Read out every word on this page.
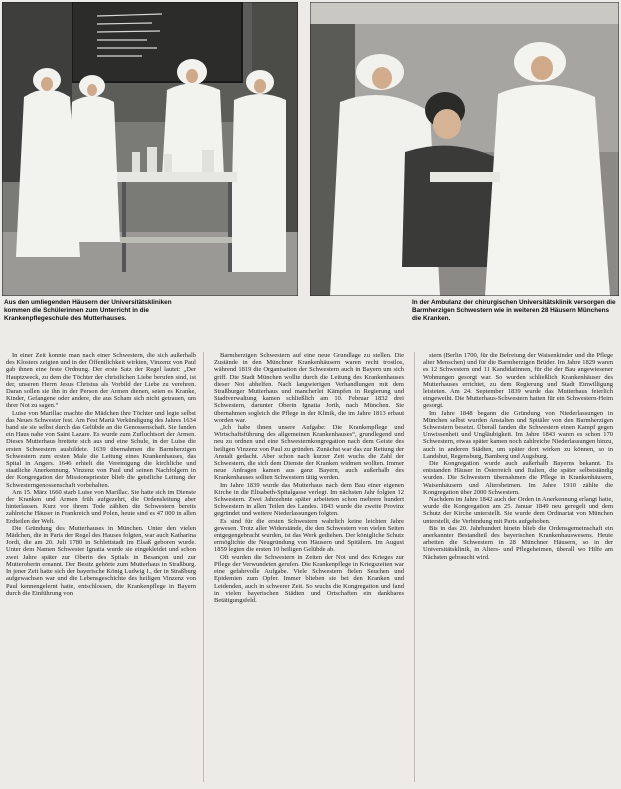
Aus den umliegenden Häusern der Universitätskliniken kommen die Schülerinnen zum Unterricht in die Krankenpflegeschule des Mutterhauses.
In der Ambulanz der chirurgischen Universitätsklinik versorgen die Barmherzigen Schwestern wie in weiteren 28 Häusern Münchens die Kranken.

In einer Zeit konnte man nach einer Schwestern, die sich außerhalb des Klosters zeigten und in der Öffentlichkeit wirkten, Vinzenz von Paul gab ihnen eine feste Ordnung. Der erste Satz der Regel lautet: „Der Hauptzweck, zu dem die Töchter der christlichen Liebe berufen sind, ist der, unseren Herrn Jesus Christus als Vorbild der Liebe zu verehren. Daran sollen sie ihn in der Person der Armen dienen, seien es Kranke, Kinder, Gefangene oder andere, die aus Scham sich nicht getrauen, um ihrer Not zu sagen.“

Luise von Marillac machte die Mädchen ihre Töchter und legte selbst das Neues Schwester fest. Am Fest Mariä Verkündigung des Jahres 1634 band sie sie selbst durch das Gelübde an die Genossenschaft. Sie fanden ein Haus nahe von Saint Lazare. Es wurde zum Zufluchtsort der Armen. Dieses Mutterhaus breitete sich aus und eine Schule, in der Luise die ersten Schwestern ausbildete. 1639 übernahmen die Barmherzigen Schwestern zum ersten Male die Leitung eines Krankenhauses, das Spital in Angers. 1646 erhielt die Vereinigung die kirchliche und staatliche Anerkennung. Vinzenz von Paul und seinen Nachfolgern in der Kongregation der Missionspriester blieb die geistliche Leitung der Schwesterngenossenschaft vorbehalten.

Am 15. März 1660 starb Luise von Marillac. Sie hatte sich im Dienste der Kranken und Armen früh aufgezehrt, die Ordensleitung aber hinterlassen. Kurz vor ihrem Tode zählten die Schwestern bereits zahlreiche Häuser in Frankreich und Polen, heute sind es 47 000 in allen Erdteilen der Welt.

Die Gründung des Mutterhauses in München. Unter den vielen Mädchen, die in Paris der Regel des Hauses folgten, war auch Katharina Jordi, die am 20. Juli 1780 in Schlettstadt im Elsaß geboren wurde. Unter dem Namen Schwester Ignatia wurde sie eingekleidet und schon zwei Jahre später zur Oberin des Spitals in Besançon und zur Mutteroberin ernannt. Der Besitz gehörte zum Mutterhaus in Straßburg. In jener Zeit hatte sich der bayerische König Ludwig I., der in Straßburg aufgewachsen war und die Lebensgeschichte des heiligen Vinzenz von Paul kennengelernt hatte, entschlossen, die Krankenpflege in Bayern durch die Einführung von

Barmherzigen Schwestern auf eine neue Grundlage zu stellen. Die Zustände in den Münchner Krankenhäusern waren recht trostlos, während 1819 die Organisation der Schwestern auch in Bayern um sich griff. Die Stadt München wollte durch die Leitung des Krankenhauses dieser Not abhelfen. Nach langwierigen Verhandlungen mit dem Straßburger Mutterhaus und mancherlei Kämpfen in Regierung und Stadtverwaltung kamen schließlich am 10. Februar 1832 drei Schwestern, darunter Oberin Ignatia Jorth, nach München. Sie übernahmen sogleich die Pflege in der Klinik, die im Jahre 1813 erbaut worden war.

„Ich habe ihnen unsere Aufgabe: Die Krankenpflege und Wirtschaftsführung des allgemeinen Krankenhauses“, grundlegend und neu zu ordnen und eine Schwesternkongregation nach dem Geiste des heiligen Vinzenz von Paul zu gründen. Zunächst war das zur Rettung der Anstalt gedacht. Aber schon nach kurzer Zeit wuchs die Zahl der Schwestern, die sich dem Dienste der Kranken widmen wollten. Immer neue Anfragen kamen aus ganz Bayern, auch außerhalb des Krankenhauses sollten Schwestern tätig werden.

Im Jahre 1839 wurde das Mutterhaus nach dem Bau einer eigenen Kirche in die Elisabeth-Spitalgasse verlegt. Im nächsten Jahr folgten 12 Schwestern. Zwei Jahrzehnte später arbeiteten schon mehrere hundert Schwestern in allen Teilen des Landes. 1843 wurde die zweite Provinz gegründet und weitere Niederlassungen folgten.

Es sind für die ersten Schwestern wahrlich keine leichten Jahre gewesen. Trotz aller Widerstände, die den Schwestern von vielen Seiten entgegengebracht wurden, ist das Werk gediehen. Der königliche Schutz ermöglichte die Neugründung von Häusern und Spitälern. Im August 1859 legten die ersten 10 heiligen Gelübde ab.

Oft wurden die Schwestern in Zeiten der Not und des Krieges zur Pflege der Verwundeten gerufen. Die Krankenpflege in Kriegszeiten war eine gefahrvolle Aufgabe. Viele Schwestern fielen Seuchen und Epidemien zum Opfer. Immer blieben sie bei den Kranken und Leidenden, auch in schwerer Zeit. So wuchs die Kongregation und fand in vielen bayerischen Städten und Ortschaften ein dankbares Betätigungsfeld.

stern (Berlin 1700, für die Befreiung der Waisenkinder und die Pflege alter Menschen) und für die Barmherzigen Brüder. Im Jahre 1829 waren es 12 Schwestern und 11 Kandidatinnen, für die der Bau angewiesener Wohnungen gesorgt war. So wurden schließlich Krankenhäuser des Mutterhauses errichtet, zu dem Regierung und Stadt Einwilligung leisteten. Am 24. September 1839 wurde das Mutterhaus feierlich eingeweiht. Die Mutterhaus-Schwestern hatten für ein Schwestern-Heim gesorgt.

Im Jahre 1848 begann die Gründung von Niederlassungen in München selbst wurden Anstalten und Spitäler von den Barmherzigen Schwestern besetzt. Überall fanden die Schwestern einen Kampf gegen Unwissenheit und Ungläubigkeit. Im Jahre 1843 waren es schon 170 Schwestern, etwas später kamen noch zahlreiche Niederlassungen hinzu, auch in anderen Städten, um später dort wirken zu können, so in Landshut, Regensburg, Bamberg und Augsburg.

Die Kongregation wurde auch außerhalb Bayerns bekannt. Es entstanden Häuser in Österreich und Italien, die später selbstständig wurden. Die Schwestern übernahmen die Pflege in Krankenhäusern, Waisenhäusern und Altersheimen. Im Jahre 1910 zählte die Kongregation über 2000 Schwestern.

Nachdem im Jahre 1842 auch der Orden in Anerkennung erlangt hatte, wurde die Kongregation am 25. Januar 1849 neu geregelt und dem Schutz der Kirche unterstellt. Sie wurde dem Ordinariat von München unterstellt, die Verbindung mit Paris aufgehoben.

Bis in das 20. Jahrhundert hinein blieb die Ordensgemeinschaft ein anerkannter Bestandteil des bayerischen Krankenhauswesens. Heute arbeiten die Schwestern in 28 Münchner Häusern, so in der Universitätsklinik, in Alters- und Pflegeheimen, überall wo Hilfe am Nächsten gebraucht wird.
